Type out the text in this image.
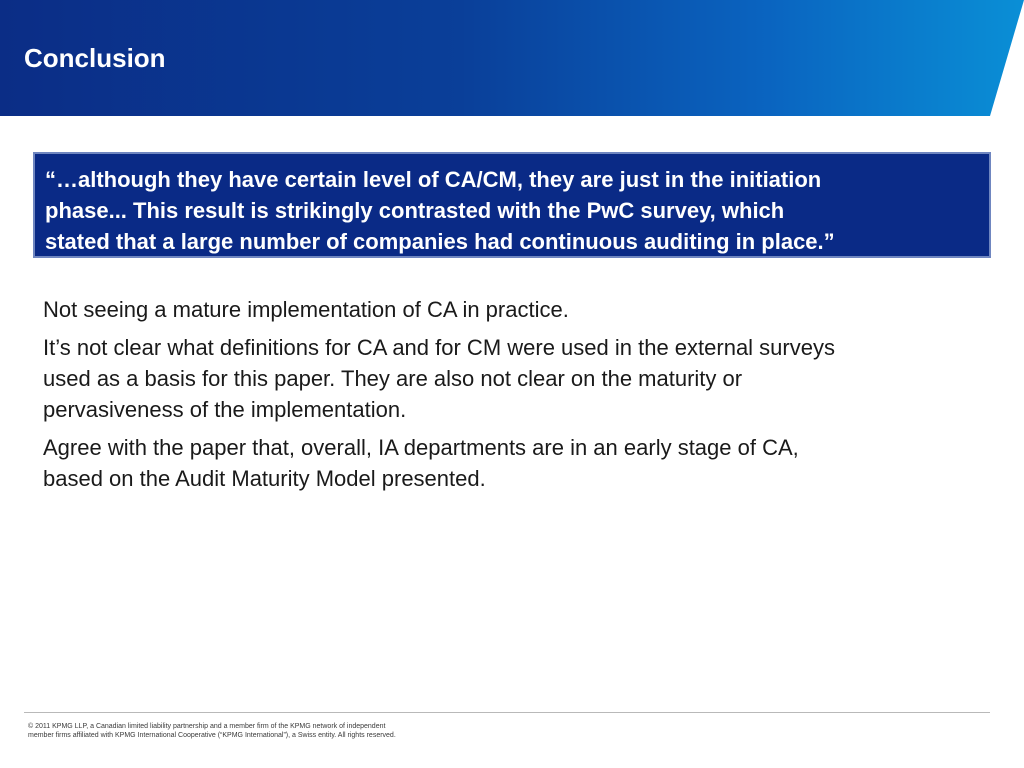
Conclusion

“…although they have certain level of CA/CM, they are just in the initiation
phase... This result is strikingly contrasted with the PwC survey, which
stated that a large number of companies had continuous auditing in place.”

Not seeing a mature implementation of CA in practice.

It’s not clear what definitions for CA and for CM were used in the external surveys
used as a basis for this paper. They are also not clear on the maturity or
pervasiveness of the implementation.

Agree with the paper that, overall, IA departments are in an early stage of CA,
based on the Audit Maturity Model presented.

© 2011 KPMG LLP, a Canadian limited liability partnership and a member firm of the KPMG network of independent
member firms affiliated with KPMG International Cooperative (“KPMG International”), a Swiss entity. All rights reserved.
